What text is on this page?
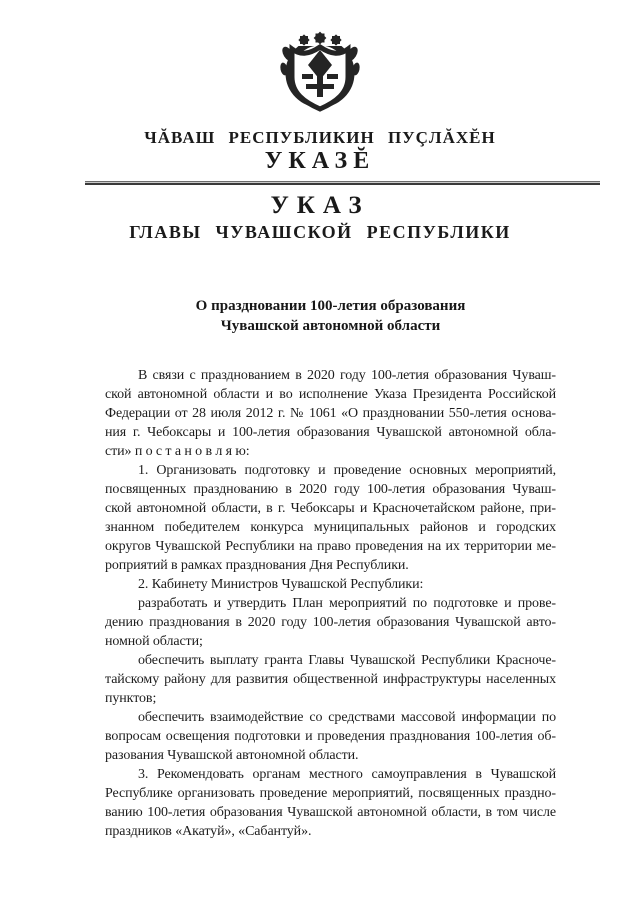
ЧĂВАШ РЕСПУБЛИКИН ПУÇЛĂХĔН
УКАЗĔ
УКАЗ
ГЛАВЫ ЧУВАШСКОЙ РЕСПУБЛИКИ
О праздновании 100-летия образования
Чувашской автономной области
В связи с празднованием в 2020 году 100-летия образования Чуваш-
ской автономной области и во исполнение Указа Президента Российской
Федерации от 28 июля 2012 г. № 1061 «О праздновании 550-летия основа-
ния г. Чебоксары и 100-летия образования Чувашской автономной обла-
сти» п о с т а н о в л я ю:
1. Организовать подготовку и проведение основных мероприятий,
посвященных празднованию в 2020 году 100-летия образования Чуваш-
ской автономной области, в г. Чебоксары и Красночетайском районе, при-
знанном победителем конкурса муниципальных районов и городских
округов Чувашской Республики на право проведения на их территории ме-
роприятий в рамках празднования Дня Республики.
2. Кабинету Министров Чувашской Республики:
разработать и утвердить План мероприятий по подготовке и прове-
дению празднования в 2020 году 100-летия образования Чувашской авто-
номной области;
обеспечить выплату гранта Главы Чувашской Республики Красноче-
тайскому району для развития общественной инфраструктуры населенных
пунктов;
обеспечить взаимодействие со средствами массовой информации по
вопросам освещения подготовки и проведения празднования 100-летия об-
разования Чувашской автономной области.
3. Рекомендовать органам местного самоуправления в Чувашской
Республике организовать проведение мероприятий, посвященных праздно-
ванию 100-летия образования Чувашской автономной области, в том числе
праздников «Акатуй», «Сабантуй».
